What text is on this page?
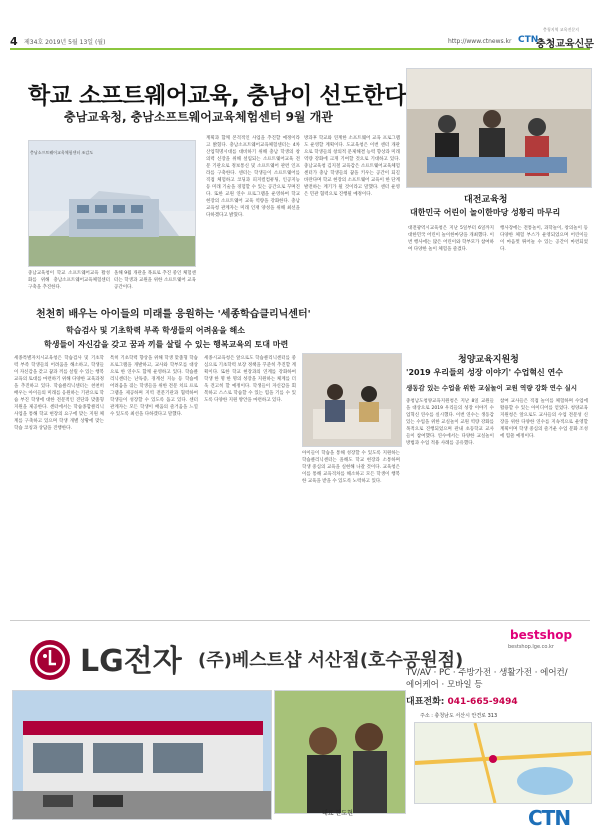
4 제34호 2019년 5월 13일 (월)	http://www.ctnews.kr CTN
충청교육신문
충청지역 교육전문지
학교 소프트웨어교육, 충남이 선도한다
충남교육청, 충남소프트웨어교육체험센터 9월 개관
충남소프트웨어교육체험센터 조감도
충남교육청이 학교 소프트웨어교육 활성화를 위해 충남소프트웨어교육체험센터 구축을 추진한다.
올해 9월 개관을 목표로 추진 중인 체험센터는 학생과 교원을 위한 소프트웨어 교육 공간이다.
계획과 함께 본격적인 사업을 추진할 예정이라고 밝혔다. 충남소프트웨어교육체험센터는 4차 산업혁명시대를 대비하기 위해 충남 학생의 창의력 신장을 위해 설립되는 소프트웨어교육 전문 기관으로 정보통신 및 소프트웨어 관련 인프라를 구축한다. 센터는 학생들이 소프트웨어를 직접 체험하고 코딩과 피지컬컴퓨팅, 인공지능 등 미래 기술을 경험할 수 있는 공간으로 꾸며진다. 또한 교원 연수 프로그램을 운영하여 학교 현장의 소프트웨어 교육 역량을 강화한다. 충남교육청 관계자는 미래 인재 양성을 위해 최선을 다하겠다고 밝혔다.
방과후 학교와 연계한 소프트웨어 교육 프로그램도 운영할 계획이다. 도교육청은 이번 센터 개관으로 학생들의 창의적 문제해결 능력 향상과 미래 역량 강화에 크게 기여할 것으로 기대하고 있다. 충남교육청 김지철 교육감은 소프트웨어교육체험센터가 충남 학생들의 꿈을 키우는 공간이 되길 바란다며 학교 현장의 소프트웨어 교육이 한 단계 발전하는 계기가 될 것이라고 말했다. 센터 운영은 민관 협력으로 진행될 예정이다.
대전교육청
대한민국 어린이 놀이한마당 성황리 마무리
대전광역시교육청은 지난 5일부터 6일까지 대한민국 어린이 놀이한마당을 개최했다. 이번 행사에는 많은 어린이와 학부모가 참여하여 다양한 놀이 체험을 즐겼다.
행사장에는 전통놀이, 과학놀이, 창의놀이 등 다양한 체험 부스가 운영되었으며 어린이들이 마음껏 뛰어놀 수 있는 공간이 마련되었다.
천천히 배우는 아이들의 미래를 응원하는 '세종학습클리닉센터'
학습검사 및 기초학력 부족 학생들의 어려움을 해소
학생들이 자신감을 갖고 꿈과 끼를 살릴 수 있는 행복교육의 토대 마련
세종특별자치시교육청은 학습검사 및 기초학력 부족 학생들의 어려움을 해소하고, 학생들이 자신감을 갖고 꿈과 끼를 살릴 수 있는 행복교육의 토대를 마련하기 위해 다양한 교육과정을 추진하고 있다. 학습클리닉센터는 천천히 배우는 아이들의 미래를 응원하는 기관으로 학습 부진 학생에 대한 전문적인 진단과 맞춤형 지원을 제공한다. 센터에서는 학습종합클리닉 사업을 통해 학교 현장의 요구에 맞는 지원 체계를 구축하고 있으며 학생 개별 상황에 맞는 학습 코칭과 상담을 진행한다.
특히 기초학력 향상을 위해 학생 맞춤형 학습 프로그램을 개발하고, 교사와 학부모를 대상으로 한 연수도 함께 운영하고 있다. 학습클리닉센터는 난독증, 경계선 지능 등 학습에 어려움을 겪는 학생들을 위한 전문 치료 프로그램을 제공하며 지역 전문기관과 협력하여 학생들이 성장할 수 있도록 돕고 있다. 센터 관계자는 모든 학생이 배움의 즐거움을 느낄 수 있도록 최선을 다하겠다고 말했다.
세종시교육청은 앞으로도 학습클리닉센터를 중심으로 기초학력 보장 정책을 꾸준히 추진할 계획이다. 또한 학교 현장과의 연계를 강화하여 학생 한 명 한 명의 성장을 지원하는 체계를 더욱 견고히 할 예정이다. 학생들이 자신감을 회복하고 스스로 학습할 수 있는 힘을 기를 수 있도록 다양한 지원 방안을 마련하고 있다.
아이들이 학습을 통해 성장할 수 있도록 지원하는 학습클리닉센터는 올해도 학교 현장과 소통하며 학생 중심의 교육을 실현해 나갈 것이다. 교육청은 이를 통해 교육격차를 해소하고 모든 학생이 행복한 교육을 받을 수 있도록 노력하고 있다.
청양교육지원청
'2019 우리들의 성장 이야기' 수업혁신 연수
생동감 있는 수업을 위한 교실놀이 교원 역량 강화 연수 실시
충청남도청양교육지원청은 지난 8일 교원들을 대상으로 2019 우리들의 성장 이야기 수업혁신 연수를 실시했다. 이번 연수는 생동감 있는 수업을 위한 교실놀이 교원 역량 강화를 목적으로 진행되었으며 관내 초등학교 교사들이 참여했다. 연수에서는 다양한 교실놀이 방법과 수업 적용 사례를 공유했다.
참여 교사들은 직접 놀이를 체험하며 수업에 활용할 수 있는 아이디어를 얻었다. 청양교육지원청은 앞으로도 교사들의 수업 전문성 신장을 위한 다양한 연수를 지속적으로 운영할 계획이며 학생 중심의 즐거운 수업 문화 조성에 힘쓸 예정이다.
LG전자 (주)베스트샵 서산점(호수공원점)
bestshop
bestshop.lge.co.kr
대표 한도현
TV/AV · PC · 주방가전 · 생활가전 · 에어컨/
에어케어 · 모바일 등
대표전화: 041-665-9494
주소 : 충청남도 서산시 안견로 313
CTN
